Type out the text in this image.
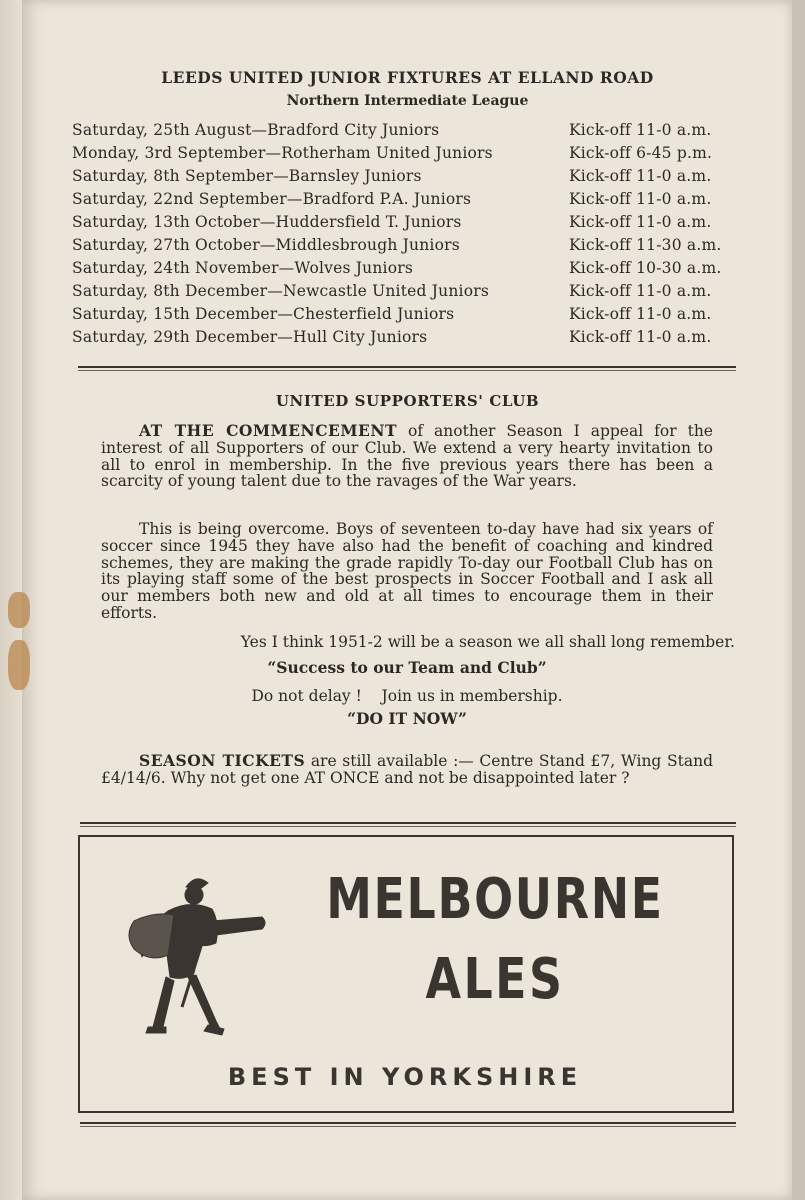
LEEDS UNITED JUNIOR FIXTURES AT ELLAND ROAD
Northern Intermediate League
Saturday, 25th August—Bradford City Juniors	Kick-off 11-0 a.m.
Monday, 3rd September—Rotherham United Juniors	Kick-off 6-45 p.m.
Saturday, 8th September—Barnsley Juniors	Kick-off 11-0 a.m.
Saturday, 22nd September—Bradford P.A. Juniors	Kick-off 11-0 a.m.
Saturday, 13th October—Huddersfield T. Juniors	Kick-off 11-0 a.m.
Saturday, 27th October—Middlesbrough Juniors	Kick-off 11-30 a.m.
Saturday, 24th November—Wolves Juniors	Kick-off 10-30 a.m.
Saturday, 8th December—Newcastle United Juniors	Kick-off 11-0 a.m.
Saturday, 15th December—Chesterfield Juniors	Kick-off 11-0 a.m.
Saturday, 29th December—Hull City Juniors	Kick-off 11-0 a.m.
UNITED SUPPORTERS' CLUB
AT THE COMMENCEMENT of another Season I appeal for the interest of all Supporters of our Club. We extend a very hearty invitation to all to enrol in membership. In the five previous years there has been a scarcity of young talent due to the ravages of the War years.
This is being overcome. Boys of seventeen to-day have had six years of soccer since 1945 they have also had the benefit of coaching and kindred schemes, they are making the grade rapidly To-day our Football Club has on its playing staff some of the best prospects in Soccer Football and I ask all our members both new and old at all times to encourage them in their efforts.
Yes I think 1951-2 will be a season we all shall long remember.
“Success to our Team and Club”
Do not delay !    Join us in membership.
“DO IT NOW”
SEASON TICKETS are still available :— Centre Stand £7, Wing Stand £4/14/6. Why not get one AT ONCE and not be disappointed later ?
MELBOURNE
ALES
BEST IN YORKSHIRE
